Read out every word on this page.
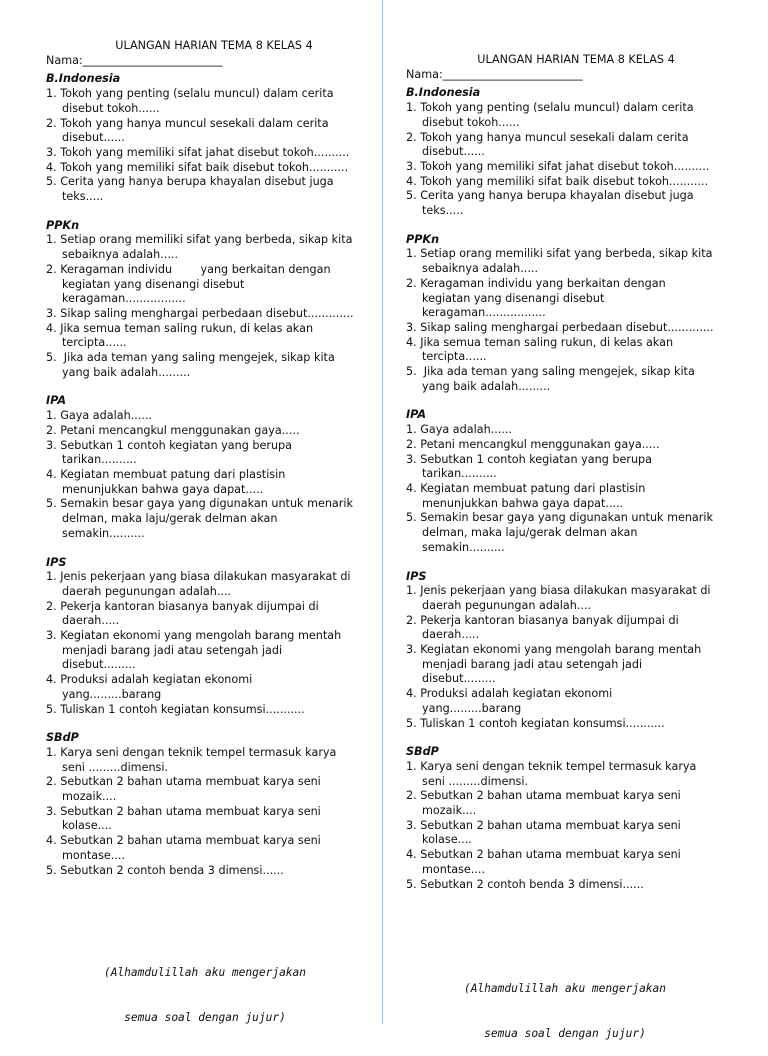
ULANGAN HARIAN TEMA 8 KELAS 4
Nama:_________________________
B.Indonesia
1. Tokoh yang penting (selalu muncul) dalam cerita
disebut tokoh......
2. Tokoh yang hanya muncul sesekali dalam cerita
disebut......
3. Tokoh yang memiliki sifat jahat disebut tokoh..........
4. Tokoh yang memiliki sifat baik disebut tokoh...........
5. Cerita yang hanya berupa khayalan disebut juga
teks.....
PPKn
1. Setiap orang memiliki sifat yang berbeda, sikap kita
sebaiknya adalah.....
2. Keragaman individu        yang berkaitan dengan
kegiatan yang disenangi disebut
keragaman.................
3. Sikap saling menghargai perbedaan disebut.............
4. Jika semua teman saling rukun, di kelas akan
tercipta......
5.  Jika ada teman yang saling mengejek, sikap kita
yang baik adalah.........
IPA
1. Gaya adalah......
2. Petani mencangkul menggunakan gaya.....
3. Sebutkan 1 contoh kegiatan yang berupa
tarikan..........
4. Kegiatan membuat patung dari plastisin
menunjukkan bahwa gaya dapat.....
5. Semakin besar gaya yang digunakan untuk menarik
delman, maka laju/gerak delman akan
semakin..........
IPS
1. Jenis pekerjaan yang biasa dilakukan masyarakat di
daerah pegunungan adalah....
2. Pekerja kantoran biasanya banyak dijumpai di
daerah.....
3. Kegiatan ekonomi yang mengolah barang mentah
menjadi barang jadi atau setengah jadi
disebut.........
4. Produksi adalah kegiatan ekonomi
yang.........barang
5. Tuliskan 1 contoh kegiatan konsumsi...........
SBdP
1. Karya seni dengan teknik tempel termasuk karya
seni .........dimensi.
2. Sebutkan 2 bahan utama membuat karya seni
mozaik....
3. Sebutkan 2 bahan utama membuat karya seni
kolase....
4. Sebutkan 2 bahan utama membuat karya seni
montase....
5. Sebutkan 2 contoh benda 3 dimensi......
ULANGAN HARIAN TEMA 8 KELAS 4
Nama:_________________________
B.Indonesia
1. Tokoh yang penting (selalu muncul) dalam cerita
disebut tokoh......
2. Tokoh yang hanya muncul sesekali dalam cerita
disebut......
3. Tokoh yang memiliki sifat jahat disebut tokoh..........
4. Tokoh yang memiliki sifat baik disebut tokoh...........
5. Cerita yang hanya berupa khayalan disebut juga
teks.....
PPKn
1. Setiap orang memiliki sifat yang berbeda, sikap kita
sebaiknya adalah.....
2. Keragaman individu yang berkaitan dengan
kegiatan yang disenangi disebut
keragaman.................
3. Sikap saling menghargai perbedaan disebut.............
4. Jika semua teman saling rukun, di kelas akan
tercipta......
5.  Jika ada teman yang saling mengejek, sikap kita
yang baik adalah.........
IPA
1. Gaya adalah......
2. Petani mencangkul menggunakan gaya.....
3. Sebutkan 1 contoh kegiatan yang berupa
tarikan..........
4. Kegiatan membuat patung dari plastisin
menunjukkan bahwa gaya dapat.....
5. Semakin besar gaya yang digunakan untuk menarik
delman, maka laju/gerak delman akan
semakin..........
IPS
1. Jenis pekerjaan yang biasa dilakukan masyarakat di
daerah pegunungan adalah....
2. Pekerja kantoran biasanya banyak dijumpai di
daerah.....
3. Kegiatan ekonomi yang mengolah barang mentah
menjadi barang jadi atau setengah jadi
disebut.........
4. Produksi adalah kegiatan ekonomi
yang.........barang
5. Tuliskan 1 contoh kegiatan konsumsi...........
SBdP
1. Karya seni dengan teknik tempel termasuk karya
seni .........dimensi.
2. Sebutkan 2 bahan utama membuat karya seni
mozaik....
3. Sebutkan 2 bahan utama membuat karya seni
kolase....
4. Sebutkan 2 bahan utama membuat karya seni
montase....
5. Sebutkan 2 contoh benda 3 dimensi......

(Alhamdulillah aku mengerjakan

semua soal dengan jujur)

(Alhamdulillah aku mengerjakan

semua soal dengan jujur)
